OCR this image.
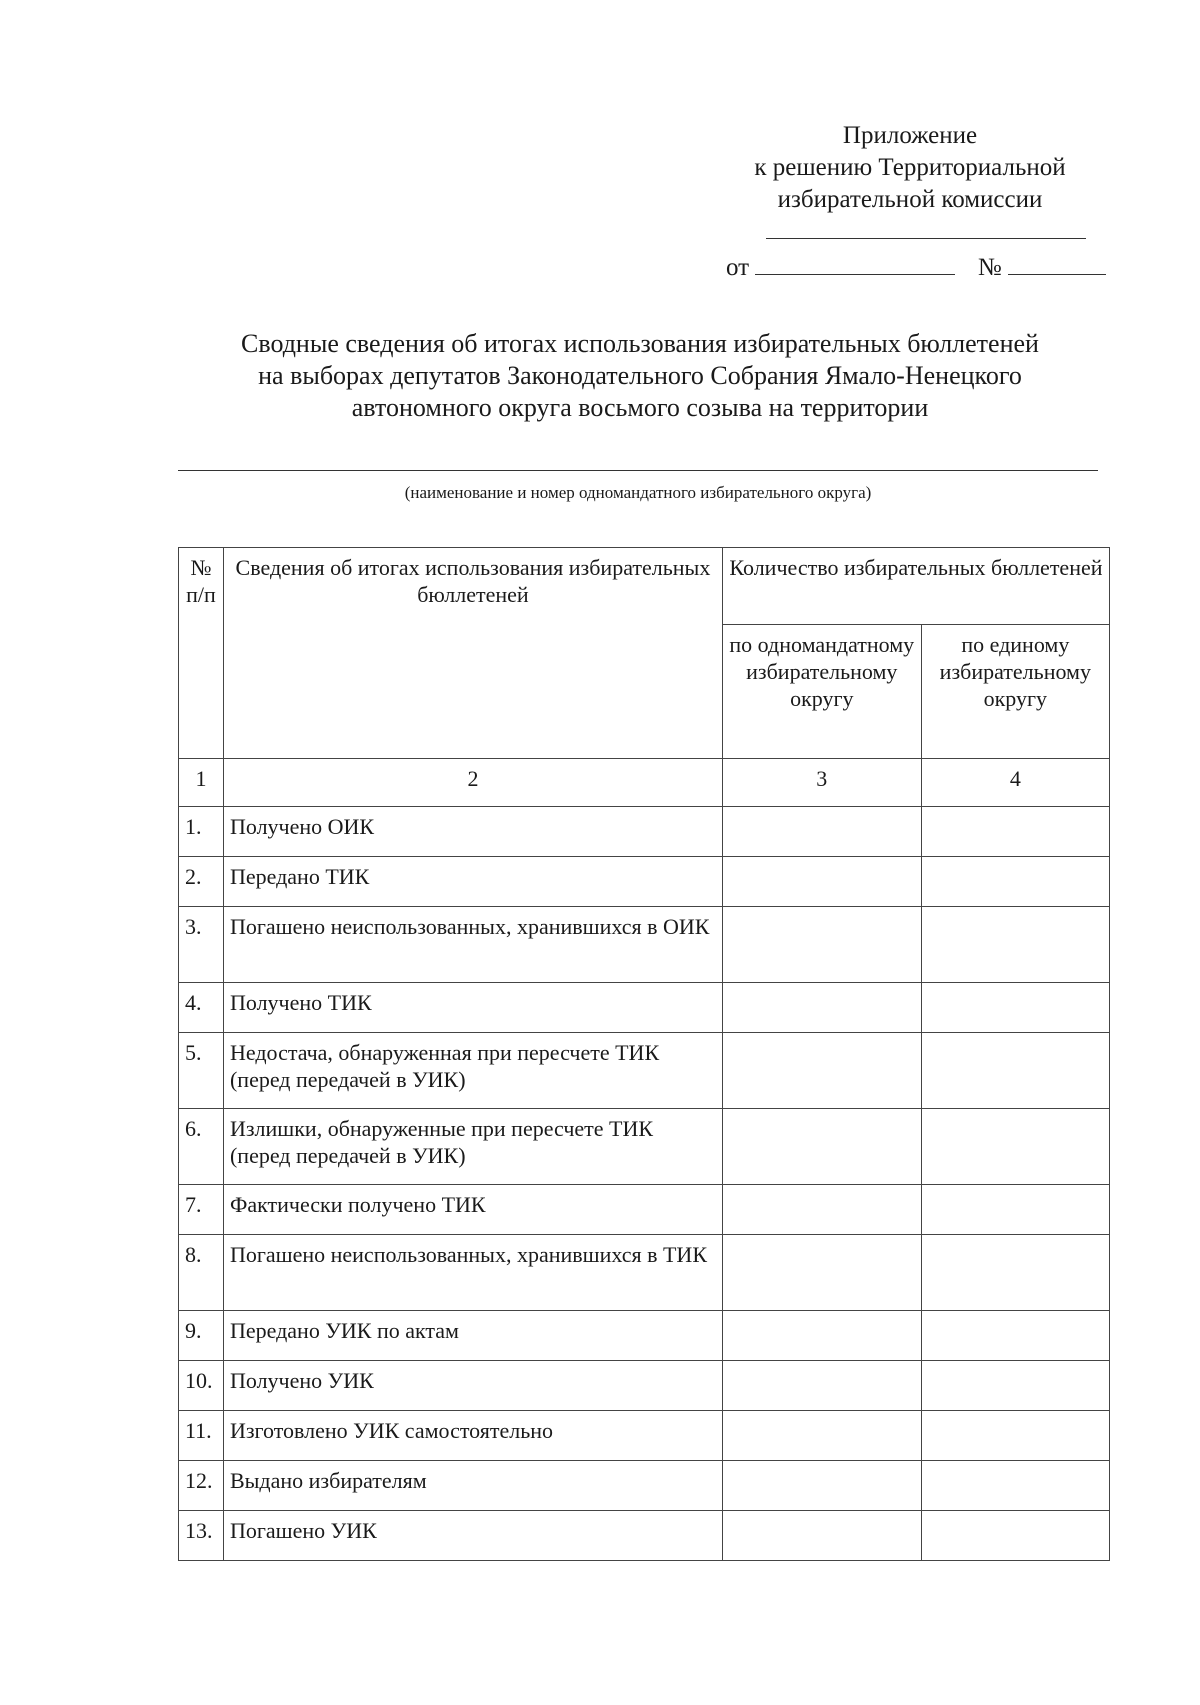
Приложение
к решению Территориальной
избирательной комиссии
от	№
Сводные сведения об итогах использования избирательных бюллетеней
на выборах депутатов Законодательного Собрания Ямало-Ненецкого
автономного округа восьмого созыва на территории
(наименование и номер одномандатного избирательного округа)
№ п/п	Сведения об итогах использования избирательных бюллетеней	Количество избирательных бюллетеней	
		по одномандатному избирательному округу	по единому избирательному округу
1	2	3	4
1.	Получено ОИК		
2.	Передано ТИК		
3.	Погашено неиспользованных, хранившихся в ОИК		
4.	Получено ТИК		
5.	Недостача, обнаруженная при пересчете ТИК (перед передачей в УИК)		
6.	Излишки, обнаруженные при пересчете ТИК (перед передачей в УИК)		
7.	Фактически получено ТИК		
8.	Погашено неиспользованных, хранившихся в ТИК		
9.	Передано УИК по актам		
10.	Получено УИК		
11.	Изготовлено УИК самостоятельно		
12.	Выдано избирателям		
13.	Погашено УИК		
